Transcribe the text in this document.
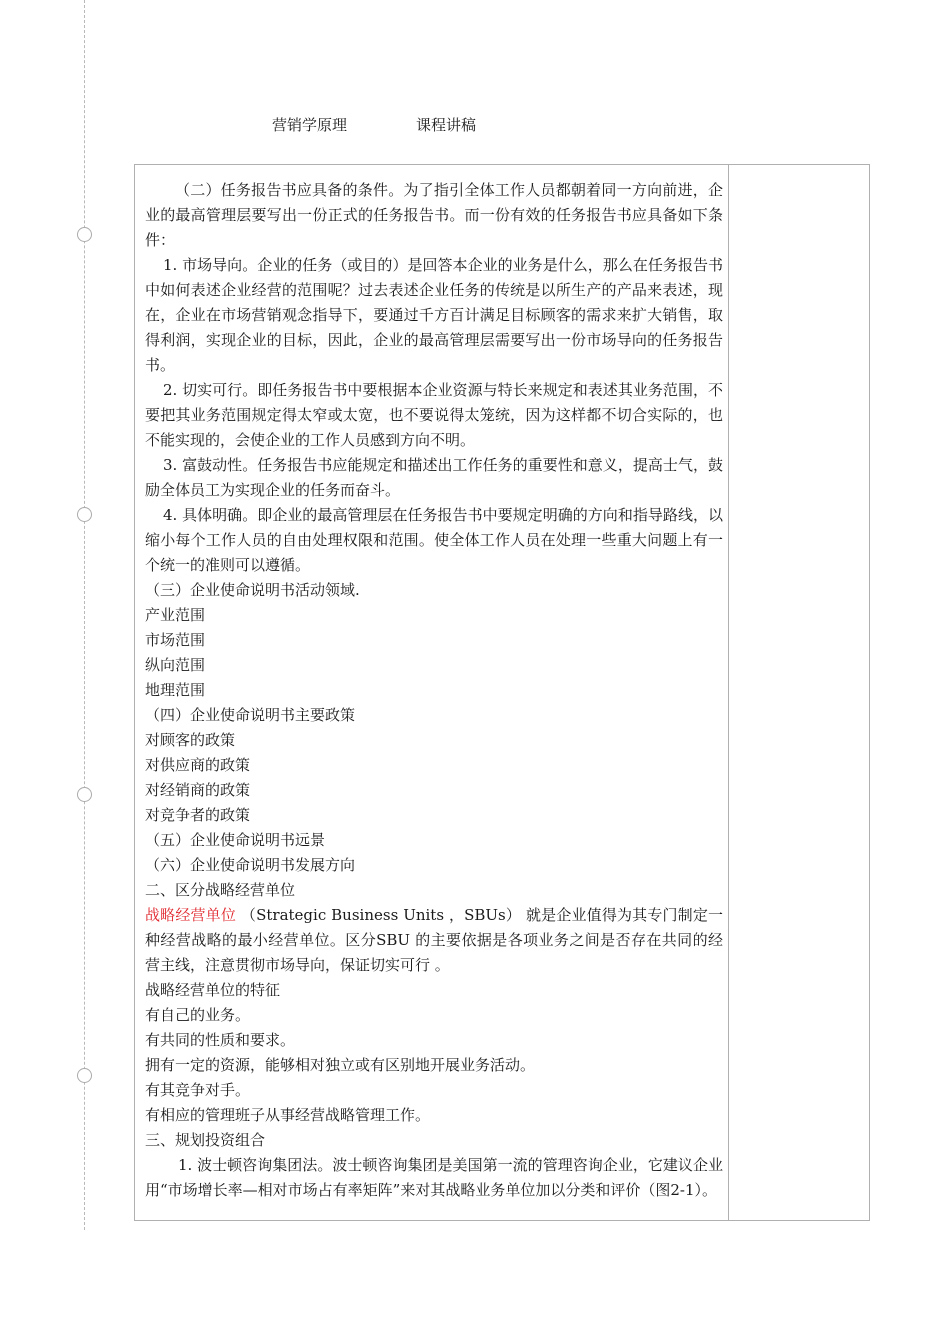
营销学原理	课程讲稿

（二）任务报告书应具备的条件。为了指引全体工作人员都朝着同一方向前进，企业的最高管理层要写出一份正式的任务报告书。而一份有效的任务报告书应具备如下条件：

1. 市场导向。企业的任务（或目的）是回答本企业的业务是什么，那么在任务报告书中如何表述企业经营的范围呢？过去表述企业任务的传统是以所生产的产品来表述，现在，企业在市场营销观念指导下，要通过千方百计满足目标顾客的需求来扩大销售，取得利润，实现企业的目标，因此，企业的最高管理层需要写出一份市场导向的任务报告书。

2. 切实可行。即任务报告书中要根据本企业资源与特长来规定和表述其业务范围，不要把其业务范围规定得太窄或太宽，也不要说得太笼统，因为这样都不切合实际的，也不能实现的，会使企业的工作人员感到方向不明。

3. 富鼓动性。任务报告书应能规定和描述出工作任务的重要性和意义，提高士气，鼓励全体员工为实现企业的任务而奋斗。

4. 具体明确。即企业的最高管理层在任务报告书中要规定明确的方向和指导路线，以缩小每个工作人员的自由处理权限和范围。使全体工作人员在处理一些重大问题上有一个统一的准则可以遵循。

（三）企业使命说明书活动领域.

产业范围

市场范围

纵向范围

地理范围

（四）企业使命说明书主要政策

对顾客的政策

对供应商的政策

对经销商的政策

对竞争者的政策

（五）企业使命说明书远景

（六）企业使命说明书发展方向

二、区分战略经营单位

战略经营单位 （Strategic Business Units ，SBUs） 就是企业值得为其专门制定一种经营战略的最小经营单位。区分SBU 的主要依据是各项业务之间是否存在共同的经营主线，注意贯彻市场导向，保证切实可行 。

战略经营单位的特征

有自己的业务。

有共同的性质和要求。

拥有一定的资源，能够相对独立或有区别地开展业务活动。

有其竞争对手。

有相应的管理班子从事经营战略管理工作。

三、规划投资组合

1. 波士顿咨询集团法。波士顿咨询集团是美国第一流的管理咨询企业，它建议企业用“市场增长率—相对市场占有率矩阵”来对其战略业务单位加以分类和评价（图2-1）。
